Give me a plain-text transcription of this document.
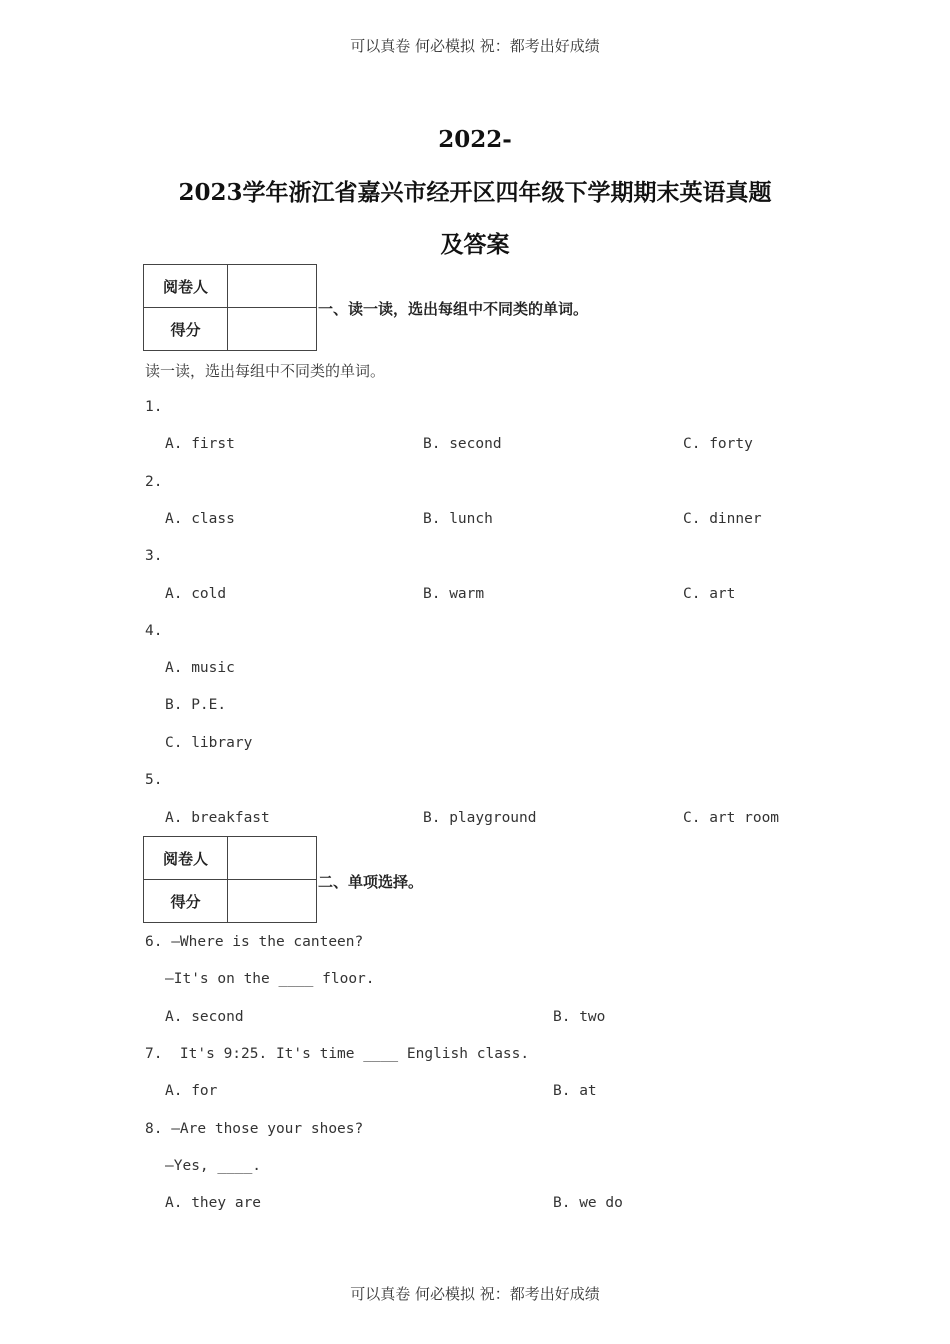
可以真卷 何必模拟 祝：都考出好成绩
2022-
2023学年浙江省嘉兴市经开区四年级下学期期末英语真题
及答案
阅卷人	
得分	
一、读一读，选出每组中不同类的单词。
读一读，选出每组中不同类的单词。
1.
A. first	B. second	C. forty
2.
A. class	B. lunch	C. dinner
3.
A. cold	B. warm	C. art
4.
A. music
B. P.E.
C. library
5.
A. breakfast	B. playground	C. art room
阅卷人	
得分	
二、单项选择。
6. —Where is the canteen?
—It's on the ____ floor.
A. second	B. two
7.  It's 9:25. It's time ____ English class.
A. for	B. at
8. —Are those your shoes?
—Yes, ____.
A. they are	B. we do
可以真卷 何必模拟 祝：都考出好成绩
